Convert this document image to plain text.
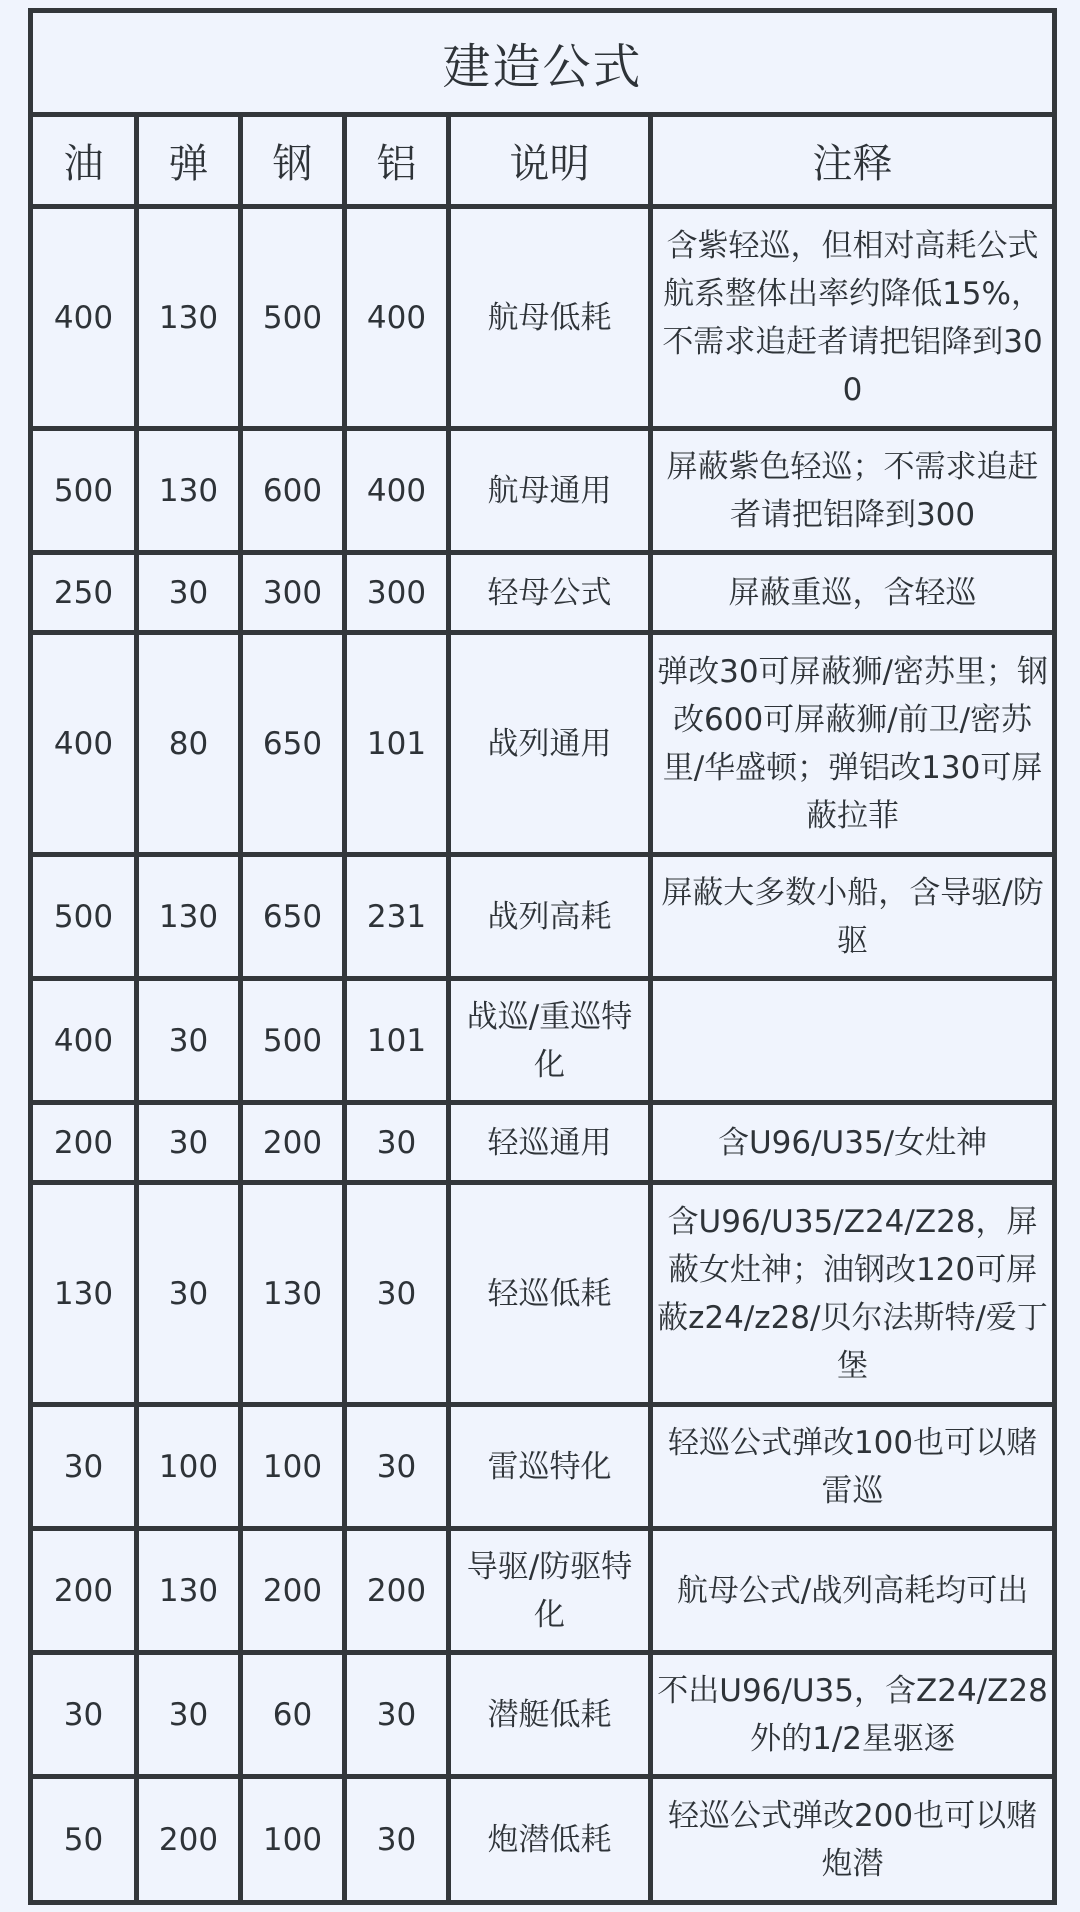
建造公式					
油	弹	钢	铝	说明	注释
400	130	500	400	航母低耗	含紫轻巡，但相对高耗公式航系整体出率约降低15%，不需求追赶者请把铝降到300
500	130	600	400	航母通用	屏蔽紫色轻巡；不需求追赶者请把铝降到300
250	30	300	300	轻母公式	屏蔽重巡，含轻巡
400	80	650	101	战列通用	弹改30可屏蔽狮/密苏里；钢改600可屏蔽狮/前卫/密苏里/华盛顿；弹铝改130可屏蔽拉菲
500	130	650	231	战列高耗	屏蔽大多数小船，含导驱/防驱
400	30	500	101	战巡/重巡特化	
200	30	200	30	轻巡通用	含U96/U35/女灶神
130	30	130	30	轻巡低耗	含U96/U35/Z24/Z28，屏蔽女灶神；油钢改120可屏蔽z24/z28/贝尔法斯特/爱丁堡
30	100	100	30	雷巡特化	轻巡公式弹改100也可以赌雷巡
200	130	200	200	导驱/防驱特化	航母公式/战列高耗均可出
30	30	60	30	潜艇低耗	不出U96/U35，含Z24/Z28外的1/2星驱逐
50	200	100	30	炮潜低耗	轻巡公式弹改200也可以赌炮潜
